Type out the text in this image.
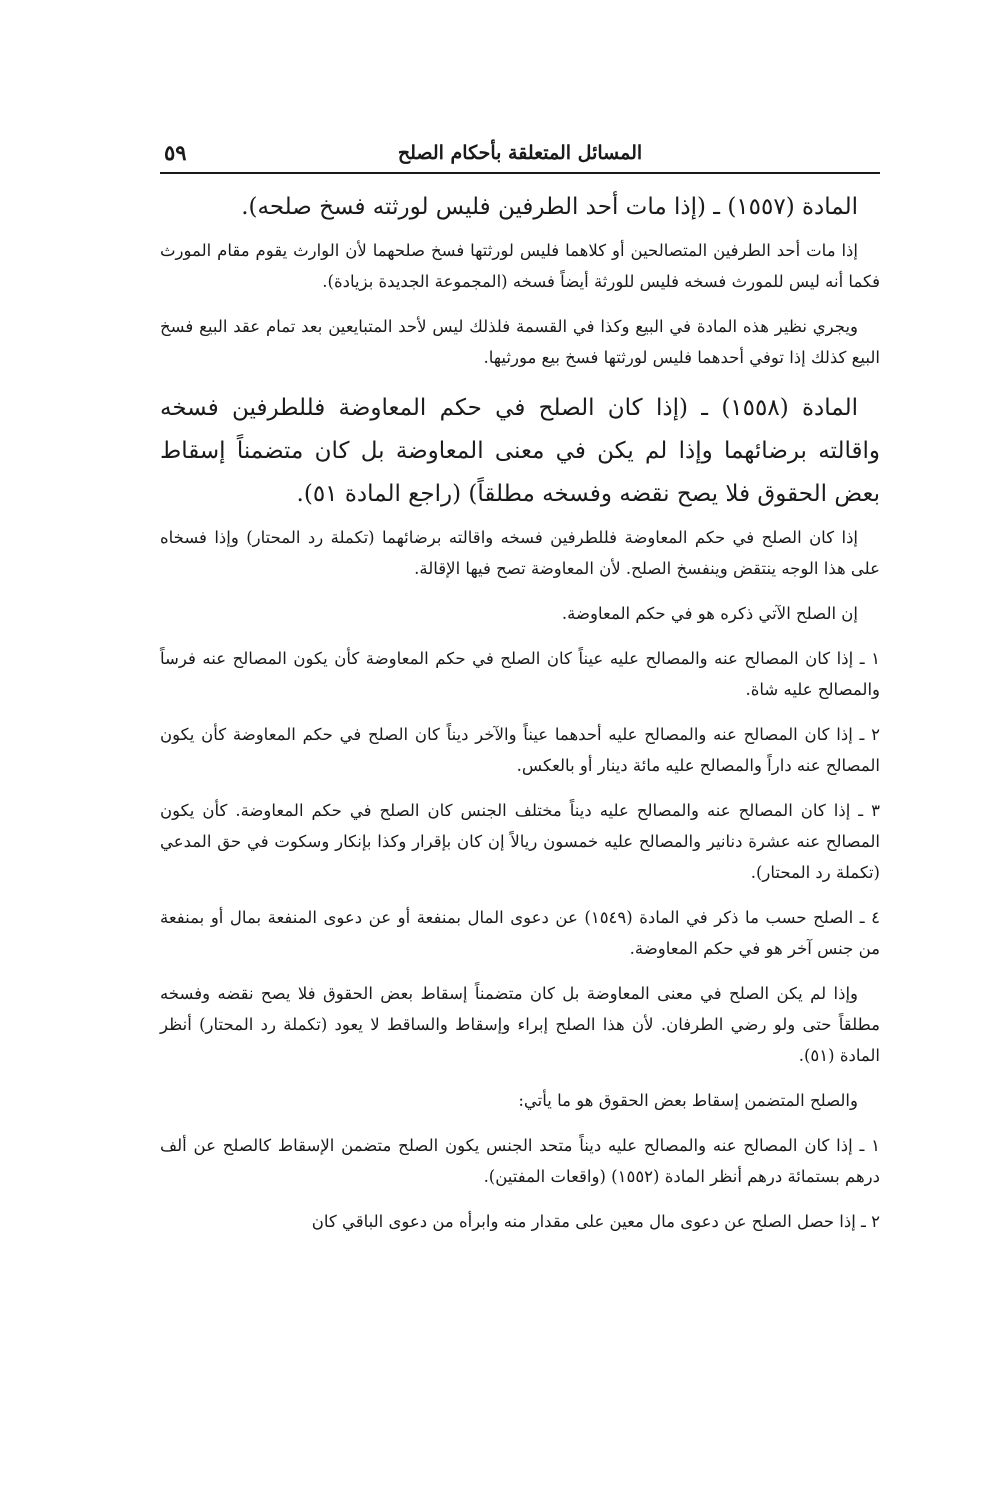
المسائل المتعلقة بأحكام الصلح
٥٩

المادة (١٥٥٧) ـ (إذا مات أحد الطرفين فليس لورثته فسخ صلحه).

إذا مات أحد الطرفين المتصالحين أو كلاهما فليس لورثتها فسخ صلحهما لأن الوارث يقوم مقام المورث فكما أنه ليس للمورث فسخه فليس للورثة أيضاً فسخه (المجموعة الجديدة بزيادة).

ويجري نظير هذه المادة في البيع وكذا في القسمة فلذلك ليس لأحد المتبايعين بعد تمام عقد البيع فسخ البيع كذلك إذا توفي أحدهما فليس لورثتها فسخ بيع مورثيها.

المادة (١٥٥٨) ـ (إذا كان الصلح في حكم المعاوضة فللطرفين فسخه واقالته برضائهما وإذا لم يكن في معنى المعاوضة بل كان متضمناً إسقاط بعض الحقوق فلا يصح نقضه وفسخه مطلقاً) (راجع المادة ٥١).

إذا كان الصلح في حكم المعاوضة فللطرفين فسخه واقالته برضائهما (تكملة رد المحتار) وإذا فسخاه على هذا الوجه ينتقض وينفسخ الصلح. لأن المعاوضة تصح فيها الإقالة.

إن الصلح الآتي ذكره هو في حكم المعاوضة.

١ ـ إذا كان المصالح عنه والمصالح عليه عيناً كان الصلح في حكم المعاوضة كأن يكون المصالح عنه فرساً والمصالح عليه شاة.

٢ ـ إذا كان المصالح عنه والمصالح عليه أحدهما عيناً والآخر ديناً كان الصلح في حكم المعاوضة كأن يكون المصالح عنه داراً والمصالح عليه مائة دينار أو بالعكس.

٣ ـ إذا كان المصالح عنه والمصالح عليه ديناً مختلف الجنس كان الصلح في حكم المعاوضة. كأن يكون المصالح عنه عشرة دنانير والمصالح عليه خمسون ريالاً إن كان بإقرار وكذا بإنكار وسكوت في حق المدعي (تكملة رد المحتار).

٤ ـ الصلح حسب ما ذكر في المادة (١٥٤٩) عن دعوى المال بمنفعة أو عن دعوى المنفعة بمال أو بمنفعة من جنس آخر هو في حكم المعاوضة.

وإذا لم يكن الصلح في معنى المعاوضة بل كان متضمناً إسقاط بعض الحقوق فلا يصح نقضه وفسخه مطلقاً حتى ولو رضي الطرفان. لأن هذا الصلح إبراء وإسقاط والساقط لا يعود (تكملة رد المحتار) أنظر المادة (٥١).

والصلح المتضمن إسقاط بعض الحقوق هو ما يأتي:

١ ـ إذا كان المصالح عنه والمصالح عليه ديناً متحد الجنس يكون الصلح متضمن الإسقاط كالصلح عن ألف درهم بستمائة درهم أنظر المادة (١٥٥٢) (واقعات المفتين).

٢ ـ إذا حصل الصلح عن دعوى مال معين على مقدار منه وابرأه من دعوى الباقي كان
